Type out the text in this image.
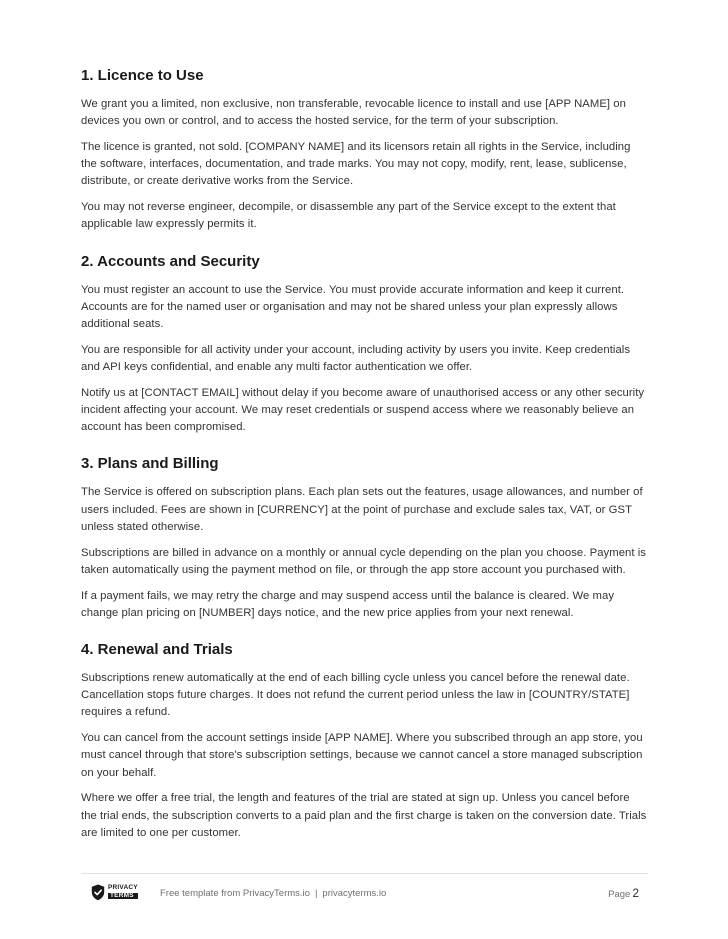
1. Licence to Use

We grant you a limited, non exclusive, non transferable, revocable licence to install and use [APP NAME] on devices you own or control, and to access the hosted service, for the term of your subscription.

The licence is granted, not sold. [COMPANY NAME] and its licensors retain all rights in the Service, including the software, interfaces, documentation, and trade marks. You may not copy, modify, rent, lease, sublicense, distribute, or create derivative works from the Service.

You may not reverse engineer, decompile, or disassemble any part of the Service except to the extent that applicable law expressly permits it.

2. Accounts and Security

You must register an account to use the Service. You must provide accurate information and keep it current. Accounts are for the named user or organisation and may not be shared unless your plan expressly allows additional seats.

You are responsible for all activity under your account, including activity by users you invite. Keep credentials and API keys confidential, and enable any multi factor authentication we offer.

Notify us at [CONTACT EMAIL] without delay if you become aware of unauthorised access or any other security incident affecting your account. We may reset credentials or suspend access where we reasonably believe an account has been compromised.

3. Plans and Billing

The Service is offered on subscription plans. Each plan sets out the features, usage allowances, and number of users included. Fees are shown in [CURRENCY] at the point of purchase and exclude sales tax, VAT, or GST unless stated otherwise.

Subscriptions are billed in advance on a monthly or annual cycle depending on the plan you choose. Payment is taken automatically using the payment method on file, or through the app store account you purchased with.

If a payment fails, we may retry the charge and may suspend access until the balance is cleared. We may change plan pricing on [NUMBER] days notice, and the new price applies from your next renewal.

4. Renewal and Trials

Subscriptions renew automatically at the end of each billing cycle unless you cancel before the renewal date. Cancellation stops future charges. It does not refund the current period unless the law in [COUNTRY/STATE] requires a refund.

You can cancel from the account settings inside [APP NAME]. Where you subscribed through an app store, you must cancel through that store's subscription settings, because we cannot cancel a store managed subscription on your behalf.

Where we offer a free trial, the length and features of the trial are stated at sign up. Unless you cancel before the trial ends, the subscription converts to a paid plan and the first charge is taken on the conversion date. Trials are limited to one per customer.

PRIVACY
TERMS	Free template from PrivacyTerms.io | privacyterms.io	Page 2
